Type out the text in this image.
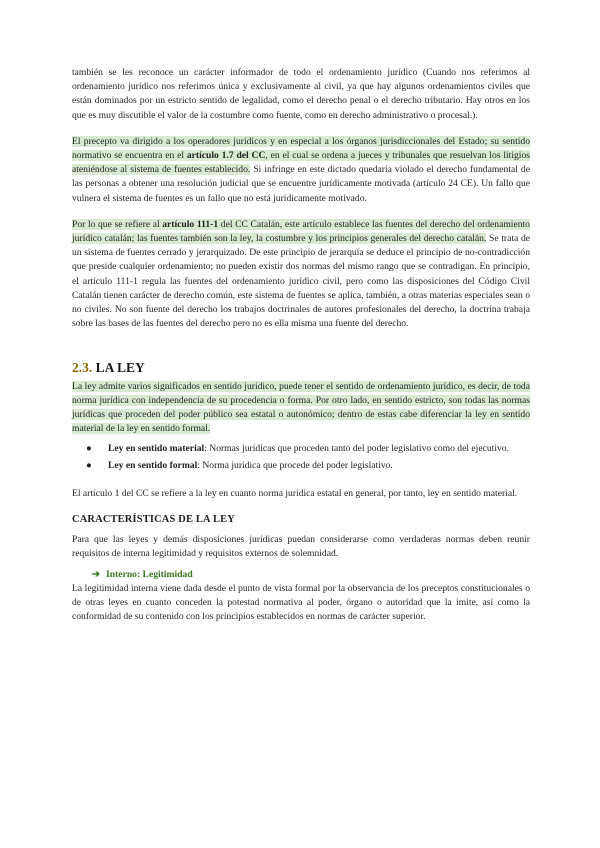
también se les reconoce un carácter informador de todo el ordenamiento jurídico (Cuando nos referimos al ordenamiento jurídico nos referimos única y exclusivamente al civil, ya que hay algunos ordenamientos civiles que están dominados por un estricto sentido de legalidad, como el derecho penal o el derecho tributario. Hay otros en los que es muy discutible el valor de la costumbre como fuente, como en derecho administrativo o procesal.).

El precepto va dirigido a los operadores jurídicos y en especial a los órganos jurisdiccionales del Estado; su sentido normativo se encuentra en el artículo 1.7 del CC, en el cual se ordena a jueces y tribunales que resuelvan los litigios ateniéndose al sistema de fuentes establecido. Si infringe en este dictado quedaría violado el derecho fundamental de las personas a obtener una resolución judicial que se encuentre jurídicamente motivada (artículo 24 CE). Un fallo que vulnera el sistema de fuentes es un fallo que no está jurídicamente motivado.

Por lo que se refiere al artículo 111-1 del CC Catalán, este artículo establece las fuentes del derecho del ordenamiento jurídico catalán; las fuentes también son la ley, la costumbre y los principios generales del derecho catalán. Se trata de un sistema de fuentes cerrado y jerarquizado. De este principio de jerarquía se deduce el principio de no-contradicción que preside cualquier ordenamiento; no pueden existir dos normas del mismo rango que se contradigan. En principio, el artículo 111-1 regula las fuentes del ordenamiento jurídico civil, pero como las disposiciones del Código Civil Catalán tienen carácter de derecho común, este sistema de fuentes se aplica, también, a otras materias especiales sean o no civiles. No son fuente del derecho los trabajos doctrinales de autores profesionales del derecho, la doctrina trabaja sobre las bases de las fuentes del derecho pero no es ella misma una fuente del derecho.

2.3. LA LEY

La ley admite varios significados en sentido jurídico, puede tener el sentido de ordenamiento jurídico, es decir, de toda norma jurídica con independencia de su procedencia o forma. Por otro lado, en sentido estricto, son todas las normas jurídicas que proceden del poder público sea estatal o autonómico; dentro de estas cabe diferenciar la ley en sentido material de la ley en sentido formal.

● Ley en sentido material: Normas jurídicas que proceden tanto del poder legislativo como del ejecutivo.
● Ley en sentido formal: Norma jurídica que procede del poder legislativo.

El artículo 1 del CC se refiere a la ley en cuanto norma jurídica estatal en general, por tanto, ley en sentido material.

CARACTERÍSTICAS DE LA LEY

Para que las leyes y demás disposiciones jurídicas puedan considerarse como verdaderas normas deben reunir requisitos de interna legitimidad y requisitos externos de solemnidad.

➔ Interno: Legitimidad

La legitimidad interna viene dada desde el punto de vista formal por la observancia de los preceptos constitucionales o de otras leyes en cuanto conceden la potestad normativa al poder, órgano o autoridad que la imite, así como la conformidad de su contenido con los principios establecidos en normas de carácter superior.
